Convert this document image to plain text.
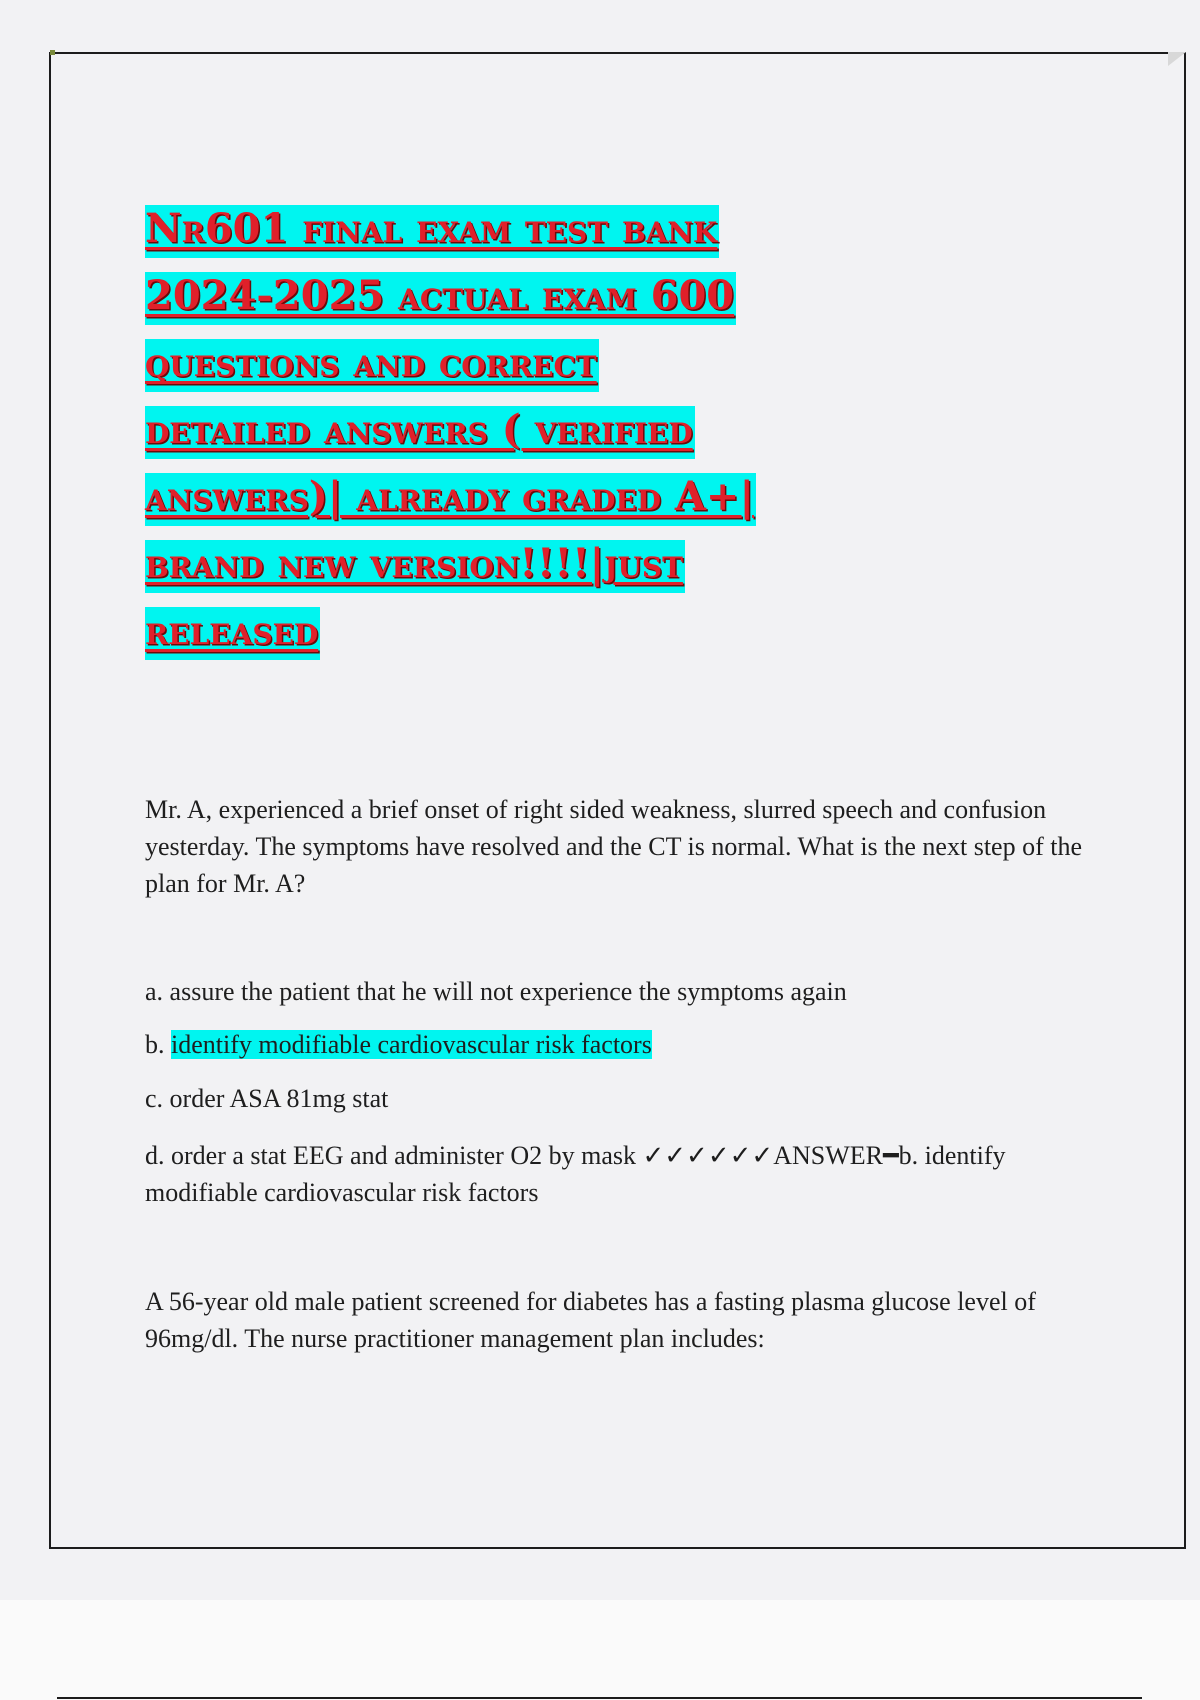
Nr601 final exam test bank
2024-2025 actual exam 600
questions and correct
detailed answers ( verified
answers)| already graded A+|
brand new version!!!!|just
released
Mr. A, experienced a brief onset of right sided weakness, slurred speech and confusion yesterday. The symptoms have resolved and the CT is normal. What is the next step of the plan for Mr. A?
a. assure the patient that he will not experience the symptoms again
b. identify modifiable cardiovascular risk factors
c. order ASA 81mg stat
d. order a stat EEG and administer O2 by mask ✓✓✓✓✓✓ANSWER━b. identify modifiable cardiovascular risk factors
A 56-year old male patient screened for diabetes has a fasting plasma glucose level of 96mg/dl. The nurse practitioner management plan includes:
